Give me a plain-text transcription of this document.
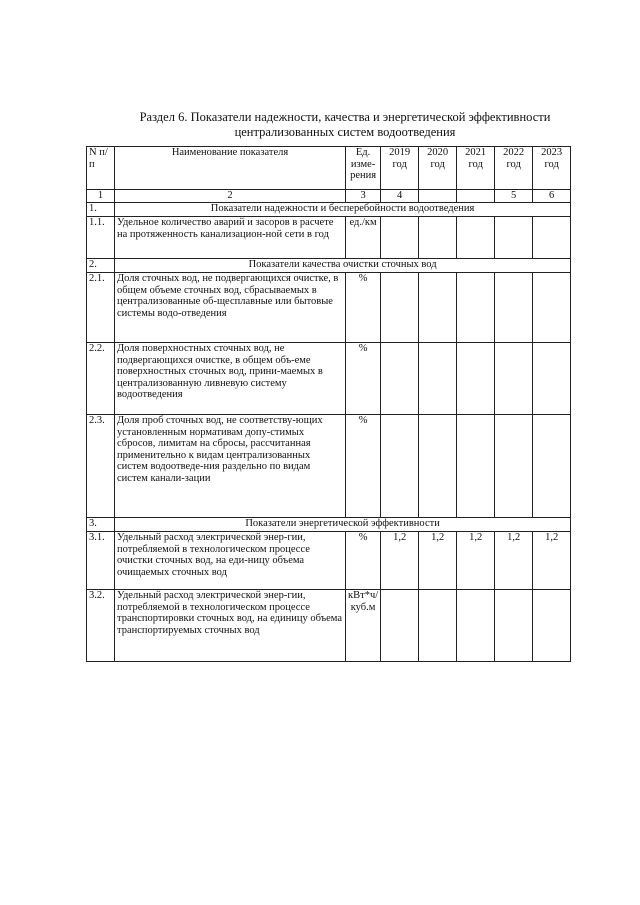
Раздел 6. Показатели надежности, качества и энергетической эффективности
централизованных систем водоотведения
N п/п	Наименование показателя	Ед. изме-рения	2019 год	2020 год	2021 год	2022 год	2023 год
1	2	3	4			5	6
1.	Показатели надежности и бесперебойности водоотведения						
1.1.	Удельное количество аварий и засоров в расчете на протяженность канализацион-ной сети в год	ед./км					
2.	Показатели качества очистки сточных вод						
2.1.	Доля сточных вод, не подвергающихся очистке, в общем объеме сточных вод, сбрасываемых в централизованные об-щесплавные или бытовые системы водо-отведения	%					
2.2.	Доля поверхностных сточных вод, не подвергающихся очистке, в общем объ-еме поверхностных сточных вод, прини-маемых в централизованную ливневую систему водоотведения	%					
2.3.	Доля проб сточных вод, не соответству-ющих установленным нормативам допу-стимых сбросов, лимитам на сбросы, рассчитанная применительно к видам централизованных систем водоотведе-ния раздельно по видам систем канали-зации	%					
3.	Показатели энергетической эффективности						
3.1.	Удельный расход электрической энер-гии, потребляемой в технологическом процессе очистки сточных вод, на еди-ницу объема очищаемых сточных вод	%	1,2	1,2	1,2	1,2	1,2
3.2.	Удельный расход электрической энер-гии, потребляемой в технологическом процессе транспортировки сточных вод, на единицу объема транспортируемых сточных вод	кВт*ч/куб.м					
